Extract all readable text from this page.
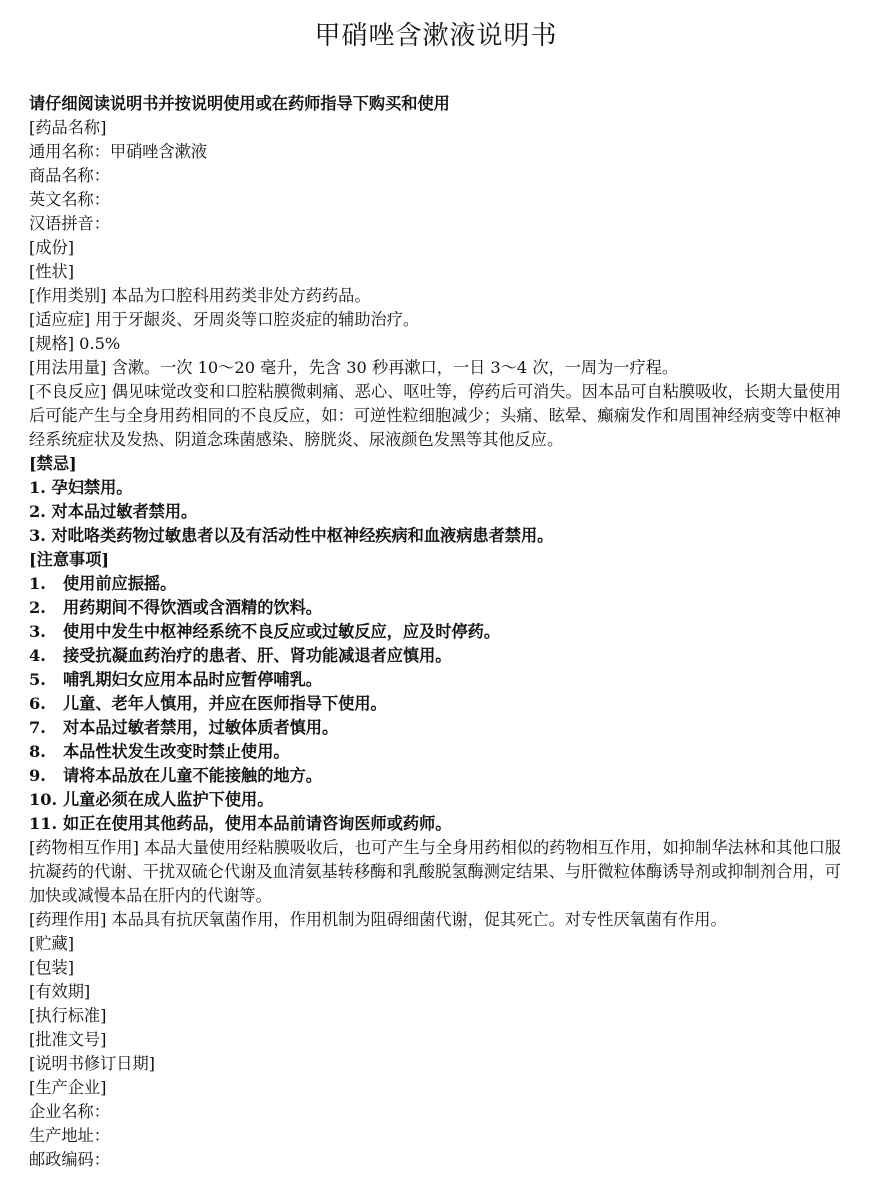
甲硝唑含漱液说明书
请仔细阅读说明书并按说明使用或在药师指导下购买和使用
[药品名称]
通用名称：甲硝唑含漱液
商品名称：
英文名称：
汉语拼音：
[成份]
[性状]
[作用类别] 本品为口腔科用药类非处方药药品。
[适应症] 用于牙龈炎、牙周炎等口腔炎症的辅助治疗。
[规格] 0.5%
[用法用量] 含漱。一次 10～20 毫升，先含 30 秒再漱口，一日 3～4 次，一周为一疗程。
[不良反应] 偶见味觉改变和口腔粘膜微刺痛、恶心、呕吐等，停药后可消失。因本品可自粘膜吸收，长期大量使用后可能产生与全身用药相同的不良反应，如：可逆性粒细胞减少；头痛、眩晕、癫痫发作和周围神经病变等中枢神经系统症状及发热、阴道念珠菌感染、膀胱炎、尿液颜色发黑等其他反应。
[禁忌]
1. 孕妇禁用。
2. 对本品过敏者禁用。
3. 对吡咯类药物过敏患者以及有活动性中枢神经疾病和血液病患者禁用。
[注意事项]
1. 使用前应振摇。
2. 用药期间不得饮酒或含酒精的饮料。
3. 使用中发生中枢神经系统不良反应或过敏反应，应及时停药。
4. 接受抗凝血药治疗的患者、肝、肾功能减退者应慎用。
5. 哺乳期妇女应用本品时应暂停哺乳。
6. 儿童、老年人慎用，并应在医师指导下使用。
7. 对本品过敏者禁用，过敏体质者慎用。
8. 本品性状发生改变时禁止使用。
9. 请将本品放在儿童不能接触的地方。
10. 儿童必须在成人监护下使用。
11. 如正在使用其他药品，使用本品前请咨询医师或药师。
[药物相互作用] 本品大量使用经粘膜吸收后，也可产生与全身用药相似的药物相互作用，如抑制华法林和其他口服抗凝药的代谢、干扰双硫仑代谢及血清氨基转移酶和乳酸脱氢酶测定结果、与肝微粒体酶诱导剂或抑制剂合用，可加快或减慢本品在肝内的代谢等。
[药理作用] 本品具有抗厌氧菌作用，作用机制为阻碍细菌代谢，促其死亡。对专性厌氧菌有作用。
[贮藏]
[包装]
[有效期]
[执行标准]
[批准文号]
[说明书修订日期]
[生产企业]
企业名称：
生产地址：
邮政编码：
